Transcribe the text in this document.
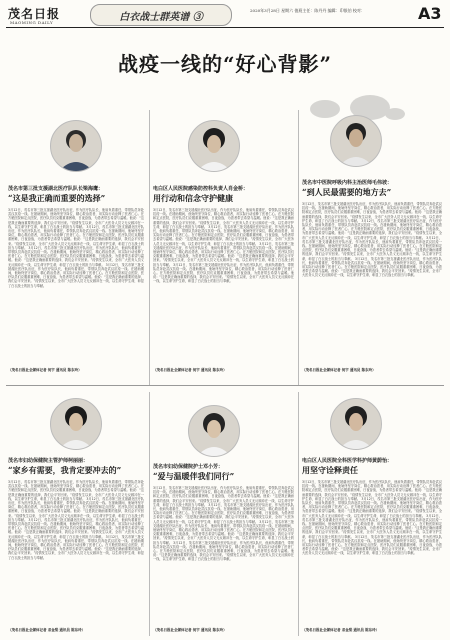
茂名日报
MAOMING DAILY	白衣战士群英谱 ③
2020年3月28日 星期六 值班主任：陈丹丹 编辑：印银伯 校对：	A3
战疫一线的“好心背影”
茂名市第三批支援湖北医疗队队长梁海鹰：
“这是我正确而重要的选择”
3月12日，茂名市第三批支援湖北医疗队出征，作为医疗队队长，他肩负着重任，带领队员奔赴武汉抗疫一线。在援助期间，他始终坚守岗位，精心救治患者，用实际行动诠释了医者仁心。在方舱医院和定点医院，医疗队员们克服重重困难，日夜奋战，为患者带去希望与温暖。他说：“这是我正确而重要的选择，我们会平安回来。”疫情发生以来，全市广大医务人员义无反顾冲在一线，以生命守护生命，彰显了白衣战士的担当与奉献。 3月12日，茂名市第三批支援湖北医疗队出征，作为医疗队队长，他肩负着重任，带领队员奔赴武汉抗疫一线。在援助期间，他始终坚守岗位，精心救治患者，用实际行动诠释了医者仁心。在方舱医院和定点医院，医疗队员们克服重重困难，日夜奋战，为患者带去希望与温暖。他说：“这是我正确而重要的选择，我们会平安回来。”疫情发生以来，全市广大医务人员义无反顾冲在一线，以生命守护生命，彰显了白衣战士的担当与奉献。 3月12日，茂名市第三批支援湖北医疗队出征，作为医疗队队长，他肩负着重任，带领队员奔赴武汉抗疫一线。在援助期间，他始终坚守岗位，精心救治患者，用实际行动诠释了医者仁心。在方舱医院和定点医院，医疗队员们克服重重困难，日夜奋战，为患者带去希望与温暖。他说：“这是我正确而重要的选择，我们会平安回来。”疫情发生以来，全市广大医务人员义无反顾冲在一线，以生命守护生命，彰显了白衣战士的担当与奉献。 3月12日，茂名市第三批支援湖北医疗队出征，作为医疗队队长，他肩负着重任，带领队员奔赴武汉抗疫一线。在援助期间，他始终坚守岗位，精心救治患者，用实际行动诠释了医者仁心。在方舱医院和定点医院，医疗队员们克服重重困难，日夜奋战，为患者带去希望与温暖。他说：“这是我正确而重要的选择，我们会平安回来。”疫情发生以来，全市广大医务人员义无反顾冲在一线，以生命守护生命，彰显了白衣战士的担当与奉献。
（茂名日报社全媒体记者 何宇 通讯员 陈东玲）
电白区人民医院感染防控科负责人肖金桥：
用行动和信念守护健康
3月12日，茂名市第三批支援湖北医疗队出征，作为医疗队队长，他肩负着重任，带领队员奔赴武汉抗疫一线。在援助期间，他始终坚守岗位，精心救治患者，用实际行动诠释了医者仁心。在方舱医院和定点医院，医疗队员们克服重重困难，日夜奋战，为患者带去希望与温暖。他说：“这是我正确而重要的选择，我们会平安回来。”疫情发生以来，全市广大医务人员义无反顾冲在一线，以生命守护生命，彰显了白衣战士的担当与奉献。 3月12日，茂名市第三批支援湖北医疗队出征，作为医疗队队长，他肩负着重任，带领队员奔赴武汉抗疫一线。在援助期间，他始终坚守岗位，精心救治患者，用实际行动诠释了医者仁心。在方舱医院和定点医院，医疗队员们克服重重困难，日夜奋战，为患者带去希望与温暖。他说：“这是我正确而重要的选择，我们会平安回来。”疫情发生以来，全市广大医务人员义无反顾冲在一线，以生命守护生命，彰显了白衣战士的担当与奉献。 3月12日，茂名市第三批支援湖北医疗队出征，作为医疗队队长，他肩负着重任，带领队员奔赴武汉抗疫一线。在援助期间，他始终坚守岗位，精心救治患者，用实际行动诠释了医者仁心。在方舱医院和定点医院，医疗队员们克服重重困难，日夜奋战，为患者带去希望与温暖。他说：“这是我正确而重要的选择，我们会平安回来。”疫情发生以来，全市广大医务人员义无反顾冲在一线，以生命守护生命，彰显了白衣战士的担当与奉献。 3月12日，茂名市第三批支援湖北医疗队出征，作为医疗队队长，他肩负着重任，带领队员奔赴武汉抗疫一线。在援助期间，他始终坚守岗位，精心救治患者，用实际行动诠释了医者仁心。在方舱医院和定点医院，医疗队员们克服重重困难，日夜奋战，为患者带去希望与温暖。他说：“这是我正确而重要的选择，我们会平安回来。”疫情发生以来，全市广大医务人员义无反顾冲在一线，以生命守护生命，彰显了白衣战士的担当与奉献。
（茂名日报社全媒体记者 何宇 通讯员 陈东玲）
茂名市中医院呼吸内科主治医师毛伟坡：
“到人民最需要的地方去”
3月12日，茂名市第三批支援湖北医疗队出征，作为医疗队队长，他肩负着重任，带领队员奔赴武汉抗疫一线。在援助期间，他始终坚守岗位，精心救治患者，用实际行动诠释了医者仁心。在方舱医院和定点医院，医疗队员们克服重重困难，日夜奋战，为患者带去希望与温暖。他说：“这是我正确而重要的选择，我们会平安回来。”疫情发生以来，全市广大医务人员义无反顾冲在一线，以生命守护生命，彰显了白衣战士的担当与奉献。 3月12日，茂名市第三批支援湖北医疗队出征，作为医疗队队长，他肩负着重任，带领队员奔赴武汉抗疫一线。在援助期间，他始终坚守岗位，精心救治患者，用实际行动诠释了医者仁心。在方舱医院和定点医院，医疗队员们克服重重困难，日夜奋战，为患者带去希望与温暖。他说：“这是我正确而重要的选择，我们会平安回来。”疫情发生以来，全市广大医务人员义无反顾冲在一线，以生命守护生命，彰显了白衣战士的担当与奉献。 3月12日，茂名市第三批支援湖北医疗队出征，作为医疗队队长，他肩负着重任，带领队员奔赴武汉抗疫一线。在援助期间，他始终坚守岗位，精心救治患者，用实际行动诠释了医者仁心。在方舱医院和定点医院，医疗队员们克服重重困难，日夜奋战，为患者带去希望与温暖。他说：“这是我正确而重要的选择，我们会平安回来。”疫情发生以来，全市广大医务人员义无反顾冲在一线，以生命守护生命，彰显了白衣战士的担当与奉献。 3月12日，茂名市第三批支援湖北医疗队出征，作为医疗队队长，他肩负着重任，带领队员奔赴武汉抗疫一线。在援助期间，他始终坚守岗位，精心救治患者，用实际行动诠释了医者仁心。在方舱医院和定点医院，医疗队员们克服重重困难，日夜奋战，为患者带去希望与温暖。他说：“这是我正确而重要的选择，我们会平安回来。”疫情发生以来，全市广大医务人员义无反顾冲在一线，以生命守护生命，彰显了白衣战士的担当与奉献。
（茂名日报社全媒体记者 何宇 通讯员 陈东玲）
茂名市妇幼保健院主管护师柯丽丽：
“家乡有需要，我肯定要冲去的”
3月12日，茂名市第三批支援湖北医疗队出征，作为医疗队队长，他肩负着重任，带领队员奔赴武汉抗疫一线。在援助期间，他始终坚守岗位，精心救治患者，用实际行动诠释了医者仁心。在方舱医院和定点医院，医疗队员们克服重重困难，日夜奋战，为患者带去希望与温暖。他说：“这是我正确而重要的选择，我们会平安回来。”疫情发生以来，全市广大医务人员义无反顾冲在一线，以生命守护生命，彰显了白衣战士的担当与奉献。 3月12日，茂名市第三批支援湖北医疗队出征，作为医疗队队长，他肩负着重任，带领队员奔赴武汉抗疫一线。在援助期间，他始终坚守岗位，精心救治患者，用实际行动诠释了医者仁心。在方舱医院和定点医院，医疗队员们克服重重困难，日夜奋战，为患者带去希望与温暖。他说：“这是我正确而重要的选择，我们会平安回来。”疫情发生以来，全市广大医务人员义无反顾冲在一线，以生命守护生命，彰显了白衣战士的担当与奉献。 3月12日，茂名市第三批支援湖北医疗队出征，作为医疗队队长，他肩负着重任，带领队员奔赴武汉抗疫一线。在援助期间，他始终坚守岗位，精心救治患者，用实际行动诠释了医者仁心。在方舱医院和定点医院，医疗队员们克服重重困难，日夜奋战，为患者带去希望与温暖。他说：“这是我正确而重要的选择，我们会平安回来。”疫情发生以来，全市广大医务人员义无反顾冲在一线，以生命守护生命，彰显了白衣战士的担当与奉献。 3月12日，茂名市第三批支援湖北医疗队出征，作为医疗队队长，他肩负着重任，带领队员奔赴武汉抗疫一线。在援助期间，他始终坚守岗位，精心救治患者，用实际行动诠释了医者仁心。在方舱医院和定点医院，医疗队员们克服重重困难，日夜奋战，为患者带去希望与温暖。他说：“这是我正确而重要的选择，我们会平安回来。”疫情发生以来，全市广大医务人员义无反顾冲在一线，以生命守护生命，彰显了白衣战士的担当与奉献。
（茂名日报社全媒体记者 邓金梁 通讯员 陈东玲）
茂名市妇幼保健院护士邓小芳：
“爱与温暖伴我们同行”
3月12日，茂名市第三批支援湖北医疗队出征，作为医疗队队长，他肩负着重任，带领队员奔赴武汉抗疫一线。在援助期间，他始终坚守岗位，精心救治患者，用实际行动诠释了医者仁心。在方舱医院和定点医院，医疗队员们克服重重困难，日夜奋战，为患者带去希望与温暖。他说：“这是我正确而重要的选择，我们会平安回来。”疫情发生以来，全市广大医务人员义无反顾冲在一线，以生命守护生命，彰显了白衣战士的担当与奉献。 3月12日，茂名市第三批支援湖北医疗队出征，作为医疗队队长，他肩负着重任，带领队员奔赴武汉抗疫一线。在援助期间，他始终坚守岗位，精心救治患者，用实际行动诠释了医者仁心。在方舱医院和定点医院，医疗队员们克服重重困难，日夜奋战，为患者带去希望与温暖。他说：“这是我正确而重要的选择，我们会平安回来。”疫情发生以来，全市广大医务人员义无反顾冲在一线，以生命守护生命，彰显了白衣战士的担当与奉献。 3月12日，茂名市第三批支援湖北医疗队出征，作为医疗队队长，他肩负着重任，带领队员奔赴武汉抗疫一线。在援助期间，他始终坚守岗位，精心救治患者，用实际行动诠释了医者仁心。在方舱医院和定点医院，医疗队员们克服重重困难，日夜奋战，为患者带去希望与温暖。他说：“这是我正确而重要的选择，我们会平安回来。”疫情发生以来，全市广大医务人员义无反顾冲在一线，以生命守护生命，彰显了白衣战士的担当与奉献。 3月12日，茂名市第三批支援湖北医疗队出征，作为医疗队队长，他肩负着重任，带领队员奔赴武汉抗疫一线。在援助期间，他始终坚守岗位，精心救治患者，用实际行动诠释了医者仁心。在方舱医院和定点医院，医疗队员们克服重重困难，日夜奋战，为患者带去希望与温暖。他说：“这是我正确而重要的选择，我们会平安回来。”疫情发生以来，全市广大医务人员义无反顾冲在一线，以生命守护生命，彰显了白衣战士的担当与奉献。
（茂名日报社全媒体记者 何宇 通讯员 陈东玲）
电白区人民医院全科医学科护师黄蔚怡：
用坚守诠释责任
3月12日，茂名市第三批支援湖北医疗队出征，作为医疗队队长，他肩负着重任，带领队员奔赴武汉抗疫一线。在援助期间，他始终坚守岗位，精心救治患者，用实际行动诠释了医者仁心。在方舱医院和定点医院，医疗队员们克服重重困难，日夜奋战，为患者带去希望与温暖。他说：“这是我正确而重要的选择，我们会平安回来。”疫情发生以来，全市广大医务人员义无反顾冲在一线，以生命守护生命，彰显了白衣战士的担当与奉献。 3月12日，茂名市第三批支援湖北医疗队出征，作为医疗队队长，他肩负着重任，带领队员奔赴武汉抗疫一线。在援助期间，他始终坚守岗位，精心救治患者，用实际行动诠释了医者仁心。在方舱医院和定点医院，医疗队员们克服重重困难，日夜奋战，为患者带去希望与温暖。他说：“这是我正确而重要的选择，我们会平安回来。”疫情发生以来，全市广大医务人员义无反顾冲在一线，以生命守护生命，彰显了白衣战士的担当与奉献。 3月12日，茂名市第三批支援湖北医疗队出征，作为医疗队队长，他肩负着重任，带领队员奔赴武汉抗疫一线。在援助期间，他始终坚守岗位，精心救治患者，用实际行动诠释了医者仁心。在方舱医院和定点医院，医疗队员们克服重重困难，日夜奋战，为患者带去希望与温暖。他说：“这是我正确而重要的选择，我们会平安回来。”疫情发生以来，全市广大医务人员义无反顾冲在一线，以生命守护生命，彰显了白衣战士的担当与奉献。 3月12日，茂名市第三批支援湖北医疗队出征，作为医疗队队长，他肩负着重任，带领队员奔赴武汉抗疫一线。在援助期间，他始终坚守岗位，精心救治患者，用实际行动诠释了医者仁心。在方舱医院和定点医院，医疗队员们克服重重困难，日夜奋战，为患者带去希望与温暖。他说：“这是我正确而重要的选择，我们会平安回来。”疫情发生以来，全市广大医务人员义无反顾冲在一线，以生命守护生命，彰显了白衣战士的担当与奉献。
（茂名日报社全媒体记者 邓金梁 通讯员 陈东玲）
